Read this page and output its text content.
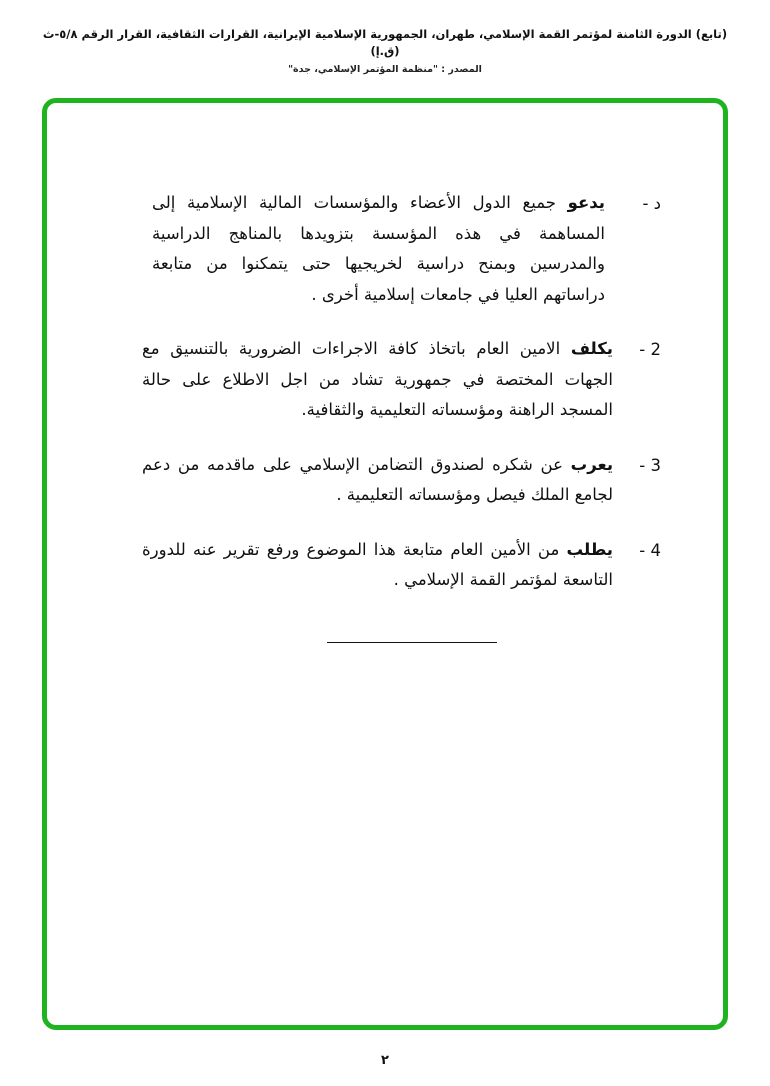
(تابع) الدورة الثامنة لمؤتمر القمة الإسلامي، طهران، الجمهورية الإسلامية الإيرانية، القرارات الثقافية، القرار الرقم ٥/٨-ث (ق.إ)
المصدر : "منظمة المؤتمر الإسلامي، جدة"
د -
يدعو جميع الدول الأعضاء والمؤسسات المالية الإسلامية إلى المساهمة في هذه المؤسسة بتزويدها بالمناهج الدراسية والمدرسين وبمنح دراسية لخريجيها حتى يتمكنوا من متابعة دراساتهم العليا في جامعات إسلامية أخرى .
2 -
يكلف الامين العام باتخاذ كافة الاجراءات الضرورية بالتنسيق مع الجهات المختصة في جمهورية تشاد من اجل الاطلاع على حالة المسجد الراهنة ومؤسساته التعليمية والثقافية.
3 -
يعرب عن شكره لصندوق التضامن الإسلامي على ماقدمه من دعم لجامع الملك فيصل ومؤسساته التعليمية .
4 -
يطلب من الأمين العام متابعة هذا الموضوع ورفع تقرير عنه للدورة التاسعة لمؤتمر القمة الإسلامي .
٢
